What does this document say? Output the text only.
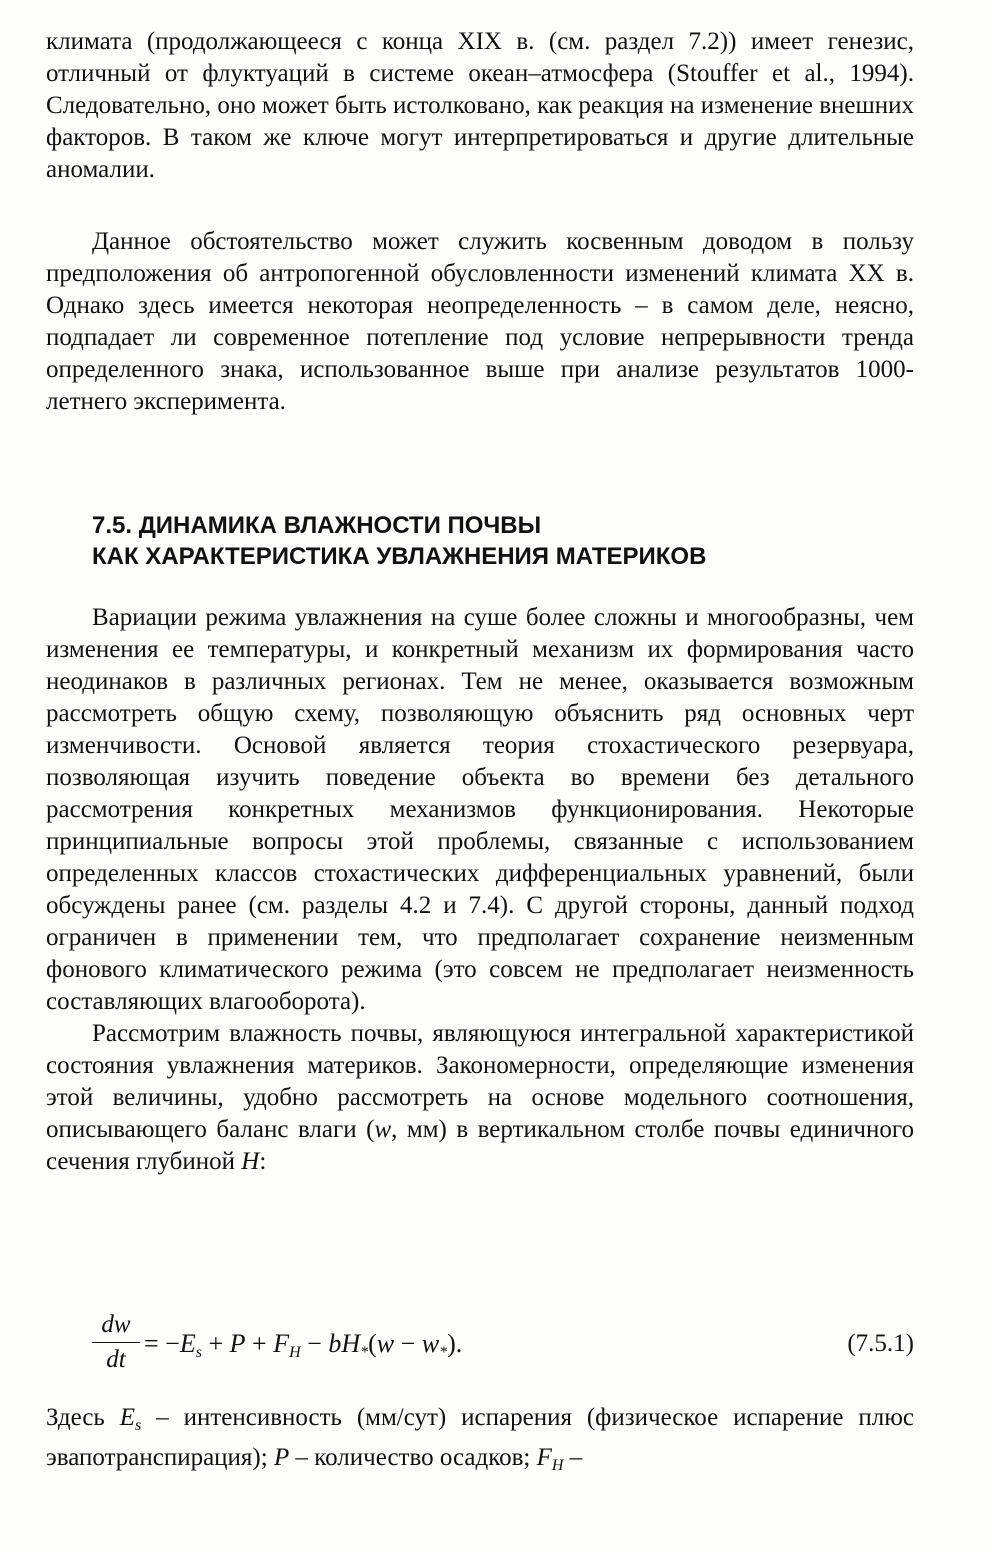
климата (продолжающееся с конца XIX в. (см. раздел 7.2)) имеет генезис, отличный от флуктуаций в системе океан–атмосфера (Stouffer et al., 1994). Следовательно, оно может быть истолковано, как реакция на изменение внешних факторов. В таком же ключе могут интерпретироваться и другие длительные аномалии.

Данное обстоятельство может служить косвенным доводом в пользу предположения об антропогенной обусловленности изменений климата XX в. Однако здесь имеется некоторая неопределенность – в самом деле, неясно, подпадает ли современное потепление под условие непрерывности тренда определенного знака, использованное выше при анализе результатов 1000-летнего эксперимента.

7.5. ДИНАМИКА ВЛАЖНОСТИ ПОЧВЫ
КАК ХАРАКТЕРИСТИКА УВЛАЖНЕНИЯ МАТЕРИКОВ

Вариации режима увлажнения на суше более сложны и многообразны, чем изменения ее температуры, и конкретный механизм их формирования часто неодинаков в различных регионах. Тем не менее, оказывается возможным рассмотреть общую схему, позволяющую объяснить ряд основных черт изменчивости. Основой является теория стохастического резервуара, позволяющая изучить поведение объекта во времени без детального рассмотрения конкретных механизмов функционирования. Некоторые принципиальные вопросы этой проблемы, связанные с использованием определенных классов стохастических дифференциальных уравнений, были обсуждены ранее (см. разделы 4.2 и 7.4). С другой стороны, данный подход ограничен в применении тем, что предполагает сохранение неизменным фонового климатического режима (это совсем не предполагает неизменность составляющих влагооборота).

Рассмотрим влажность почвы, являющуюся интегральной характеристикой состояния увлажнения материков. Закономерности, определяющие изменения этой величины, удобно рассмотреть на основе модельного соотношения, описывающего баланс влаги (w, мм) в вертикальном столбе почвы единичного сечения глубиной H:

dw
dt
= $-E_s + P + F_H - bH_*(w - w_*)$.	(7.5.1)

Здесь $E_s$ – интенсивность (мм/сут) испарения (физическое испарение плюс эвапотранспирация); P – количество осадков; $F_H$ –
